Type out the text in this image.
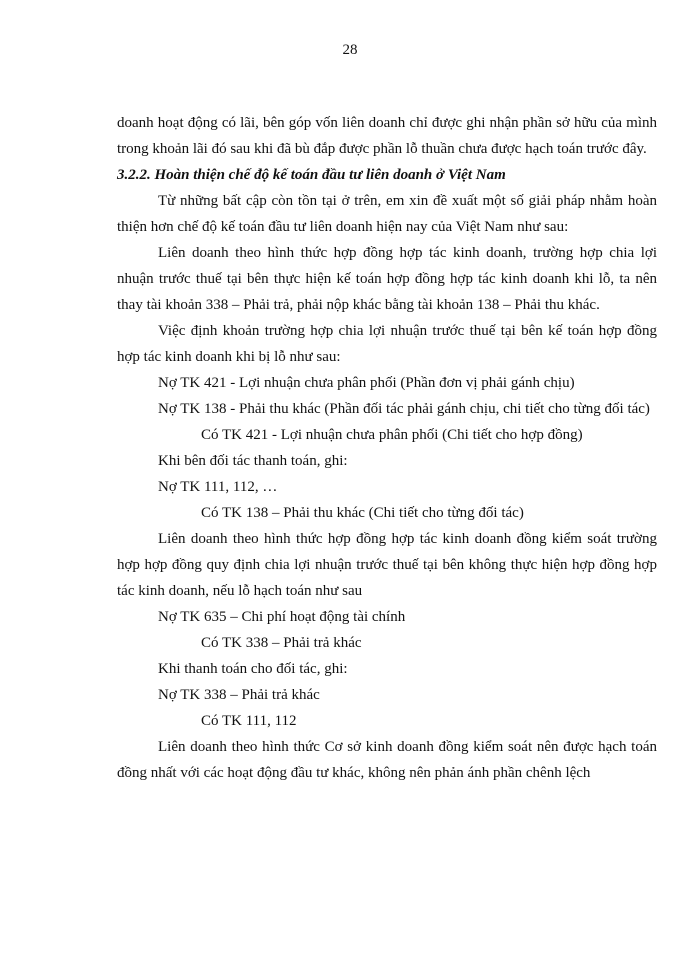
28

doanh hoạt động có lãi, bên góp vốn liên doanh chỉ được ghi nhận phần sở hữu của mình trong khoản lãi đó sau khi đã bù đắp được phần lỗ thuần chưa được hạch toán trước đây.

3.2.2. Hoàn thiện chế độ kế toán đầu tư liên doanh ở Việt Nam

Từ những bất cập còn tồn tại ở trên, em xin đề xuất một số giải pháp nhằm hoàn thiện hơn chế độ kế toán đầu tư liên doanh hiện nay của Việt Nam như sau:

Liên doanh theo hình thức hợp đồng hợp tác kinh doanh, trường hợp chia lợi nhuận trước thuế tại bên thực hiện kế toán hợp đồng hợp tác kinh doanh khi lỗ, ta nên thay tài khoản 338 – Phải trả, phải nộp khác bằng tài khoản 138 – Phải thu khác.

Việc định khoản trường hợp chia lợi nhuận trước thuế tại bên kế toán hợp đồng hợp tác kinh doanh khi bị lỗ như sau:

Nợ TK 421 - Lợi nhuận chưa phân phối (Phần đơn vị phải gánh chịu)

Nợ TK 138 - Phải thu khác (Phần đối tác phải gánh chịu, chi tiết cho từng đối tác)

Có TK 421 - Lợi nhuận chưa phân phối (Chi tiết cho hợp đồng)

Khi bên đối tác thanh toán, ghi:

Nợ TK 111, 112, …

Có TK 138 – Phải thu khác (Chi tiết cho từng đối tác)

Liên doanh theo hình thức hợp đồng hợp tác kinh doanh đồng kiểm soát trường hợp hợp đồng quy định chia lợi nhuận trước thuế tại bên không thực hiện hợp đồng hợp tác kinh doanh, nếu lỗ hạch toán như sau

Nợ TK 635 – Chi phí hoạt động tài chính

Có TK 338 – Phải trả khác

Khi thanh toán cho đối tác, ghi:

Nợ TK 338 – Phải trả khác

Có TK 111, 112

Liên doanh theo hình thức Cơ sở kinh doanh đồng kiểm soát nên được hạch toán đồng nhất với các hoạt động đầu tư khác, không nên phản ánh phần chênh lệch
